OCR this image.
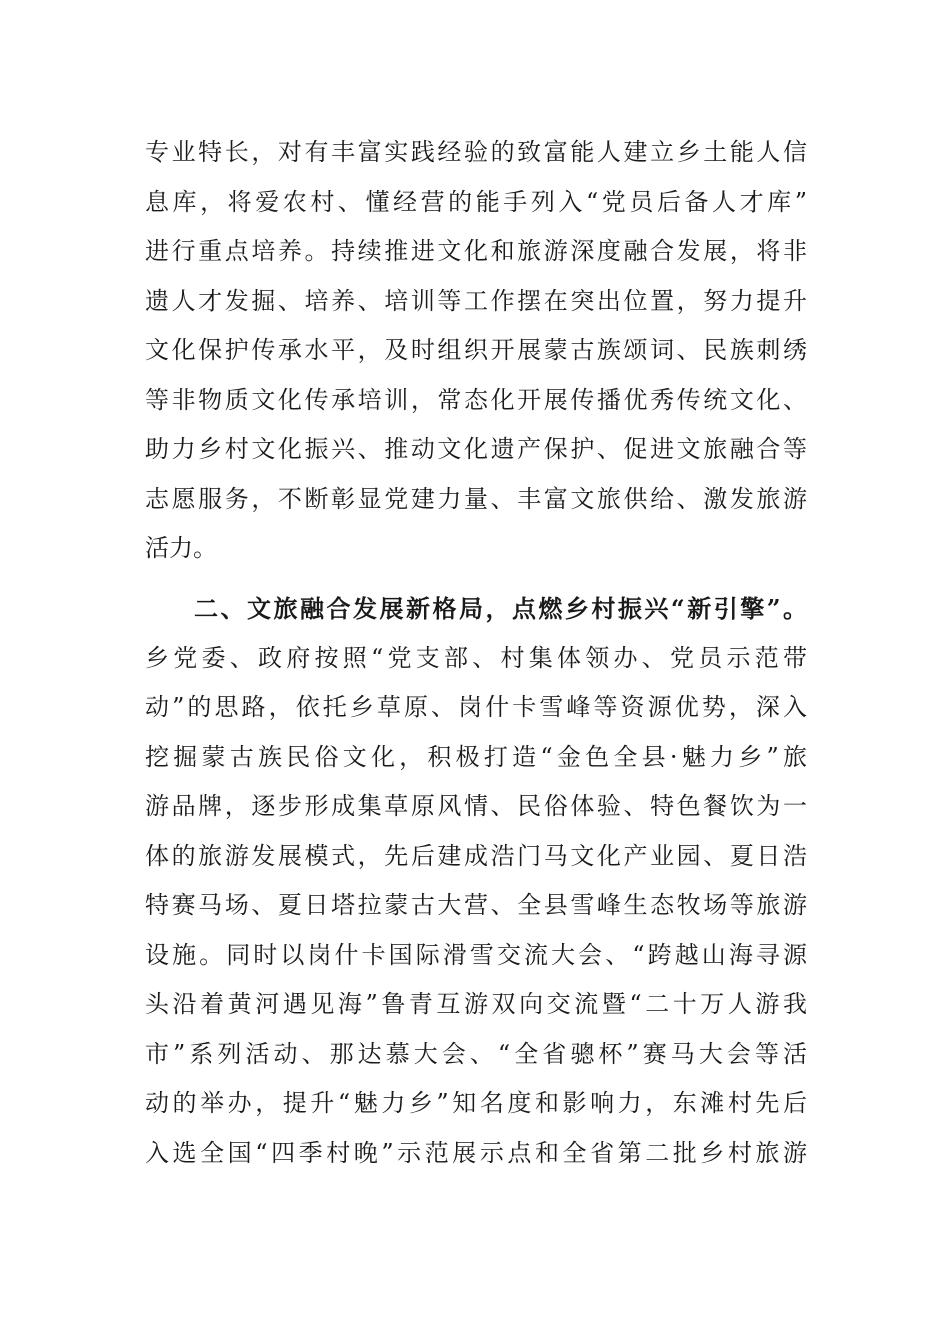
专业特长，对有丰富实践经验的致富能人建立乡土能人信
息库，将爱农村、懂经营的能手列入“党员后备人才库”
进行重点培养。持续推进文化和旅游深度融合发展，将非
遗人才发掘、培养、培训等工作摆在突出位置，努力提升
文化保护传承水平，及时组织开展蒙古族颂词、民族刺绣
等非物质文化传承培训，常态化开展传播优秀传统文化、
助力乡村文化振兴、推动文化遗产保护、促进文旅融合等
志愿服务，不断彰显党建力量、丰富文旅供给、激发旅游
活力。
二、文旅融合发展新格局，点燃乡村振兴“新引擎”。
乡党委、政府按照“党支部、村集体领办、党员示范带
动”的思路，依托乡草原、岗什卡雪峰等资源优势，深入
挖掘蒙古族民俗文化，积极打造“金色全县·魅力乡”旅
游品牌，逐步形成集草原风情、民俗体验、特色餐饮为一
体的旅游发展模式，先后建成浩门马文化产业园、夏日浩
特赛马场、夏日塔拉蒙古大营、全县雪峰生态牧场等旅游
设施。同时以岗什卡国际滑雪交流大会、“跨越山海寻源
头沿着黄河遇见海”鲁青互游双向交流暨“二十万人游我
市”系列活动、那达慕大会、“全省骢杯”赛马大会等活
动的举办，提升“魅力乡”知名度和影响力，东滩村先后
入选全国“四季村晚”示范展示点和全省第二批乡村旅游
